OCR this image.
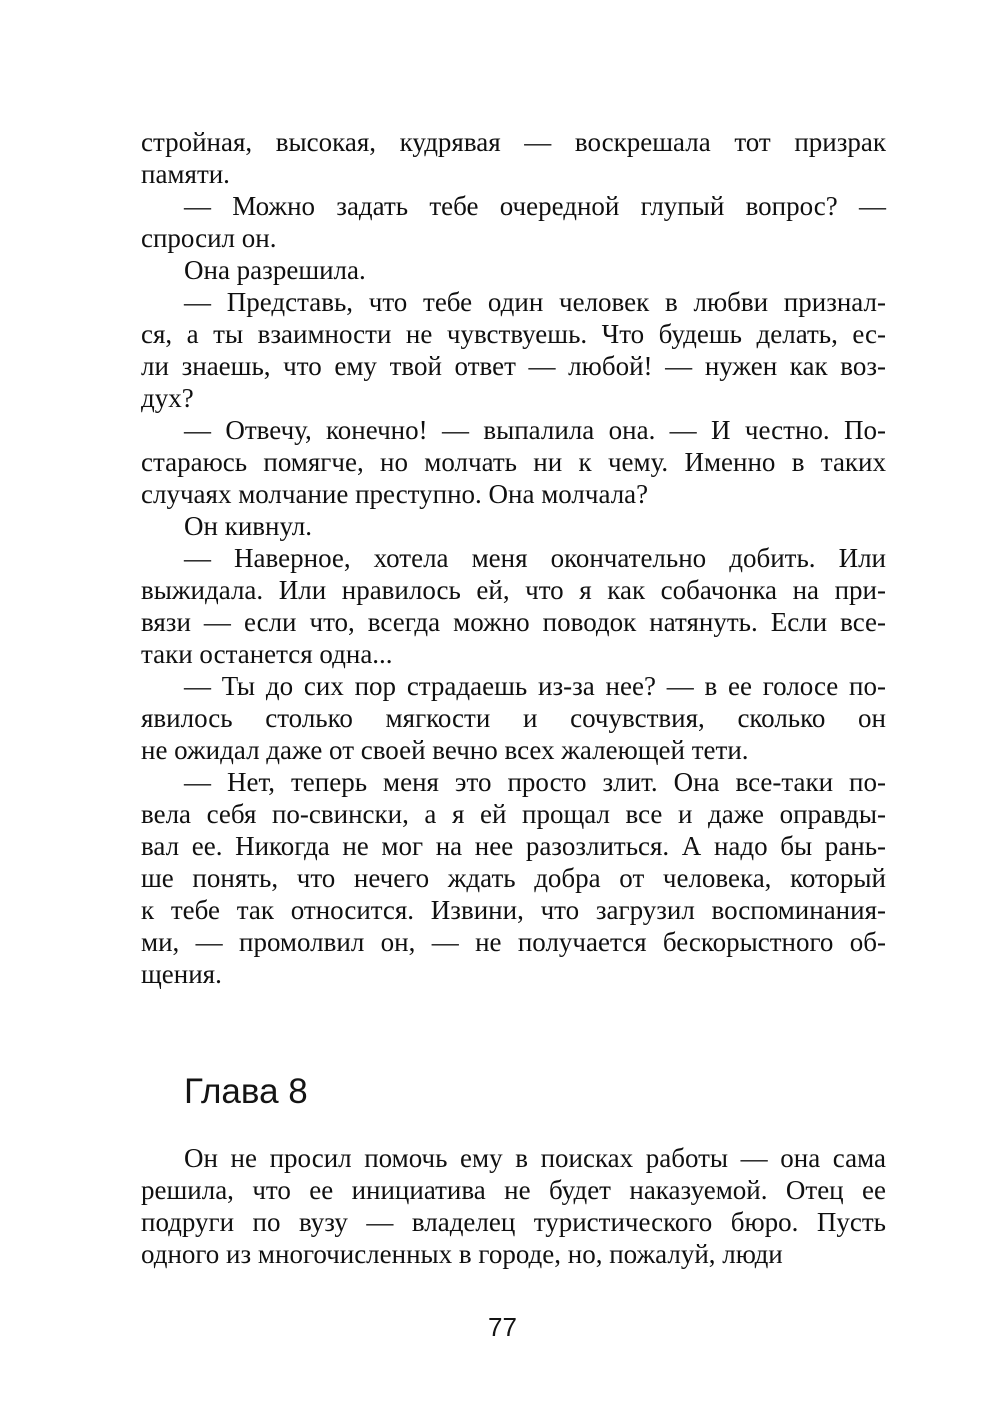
стройная, высокая, кудрявая — воскрешала тот призрак
памяти.
— Можно задать тебе очередной глупый вопрос? —
спросил он.
Она разрешила.
— Представь, что тебе один человек в любви признал-
ся, а ты взаимности не чувствуешь. Что будешь делать, ес-
ли знаешь, что ему твой ответ — любой! — нужен как воз-
дух?
— Отвечу, конечно! — выпалила она. — И честно. По-
стараюсь помягче, но молчать ни к чему. Именно в таких
случаях молчание преступно. Она молчала?
Он кивнул.
— Наверное, хотела меня окончательно добить. Или
выжидала. Или нравилось ей, что я как собачонка на при-
вязи — если что, всегда можно поводок натянуть. Если все-
таки останется одна...
— Ты до сих пор страдаешь из-за нее? — в ее голосе по-
явилось столько мягкости и сочувствия, сколько он
не ожидал даже от своей вечно всех жалеющей тети.
— Нет, теперь меня это просто злит. Она все-таки по-
вела себя по-свински, а я ей прощал все и даже оправды-
вал ее. Никогда не мог на нее разозлиться. А надо бы рань-
ше понять, что нечего ждать добра от человека, который
к тебе так относится. Извини, что загрузил воспоминания-
ми, — промолвил он, — не получается бескорыстного об-
щения.
Глава 8
Он не просил помочь ему в поисках работы — она сама
решила, что ее инициатива не будет наказуемой. Отец ее
подруги по вузу — владелец туристического бюро. Пусть
одного из многочисленных в городе, но, пожалуй, люди
77
